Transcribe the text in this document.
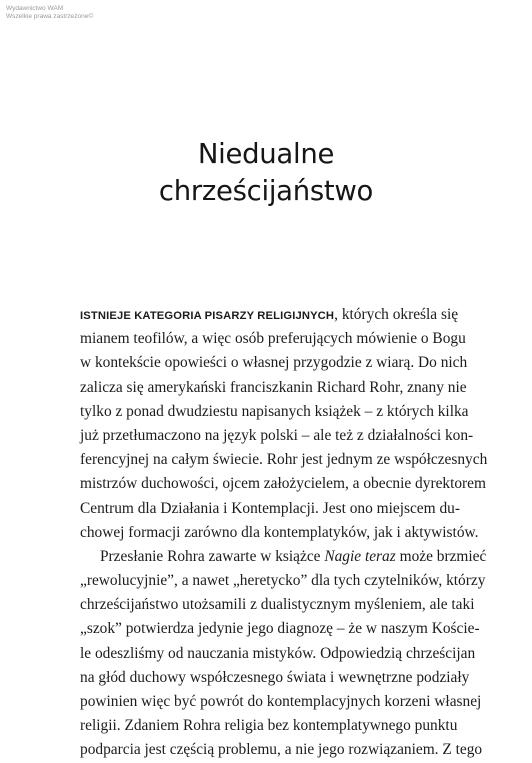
Wydawnictwo WAM
Wszelkie prawa zastrzeżone©
Niedualne
chrześcijaństwo
ISTNIEJE KATEGORIA PISARZY RELIGIJNYCH, których określa się
mianem teofilów, a więc osób preferujących mówienie o Bogu
w kontekście opowieści o własnej przygodzie z wiarą. Do nich
zalicza się amerykański franciszkanin Richard Rohr, znany nie
tylko z ponad dwudziestu napisanych książek – z których kilka
już przetłumaczono na język polski – ale też z działalności kon-
ferencyjnej na całym świecie. Rohr jest jednym ze współczesnych
mistrzów duchowości, ojcem założycielem, a obecnie dyrektorem
Centrum dla Działania i Kontemplacji. Jest ono miejscem du-
chowej formacji zarówno dla kontemplatyków, jak i aktywistów.
Przesłanie Rohra zawarte w książce Nagie teraz może brzmieć
„rewolucyjnie”, a nawet „heretycko” dla tych czytelników, którzy
chrześcijaństwo utożsamili z dualistycznym myśleniem, ale taki
„szok” potwierdza jedynie jego diagnozę – że w naszym Koście-
le odeszliśmy od nauczania mistyków. Odpowiedzią chrześcijan
na głód duchowy współczesnego świata i wewnętrzne podziały
powinien więc być powrót do kontemplacyjnych korzeni własnej
religii. Zdaniem Rohra religia bez kontemplatywnego punktu
podparcia jest częścią problemu, a nie jego rozwiązaniem. Z tego
